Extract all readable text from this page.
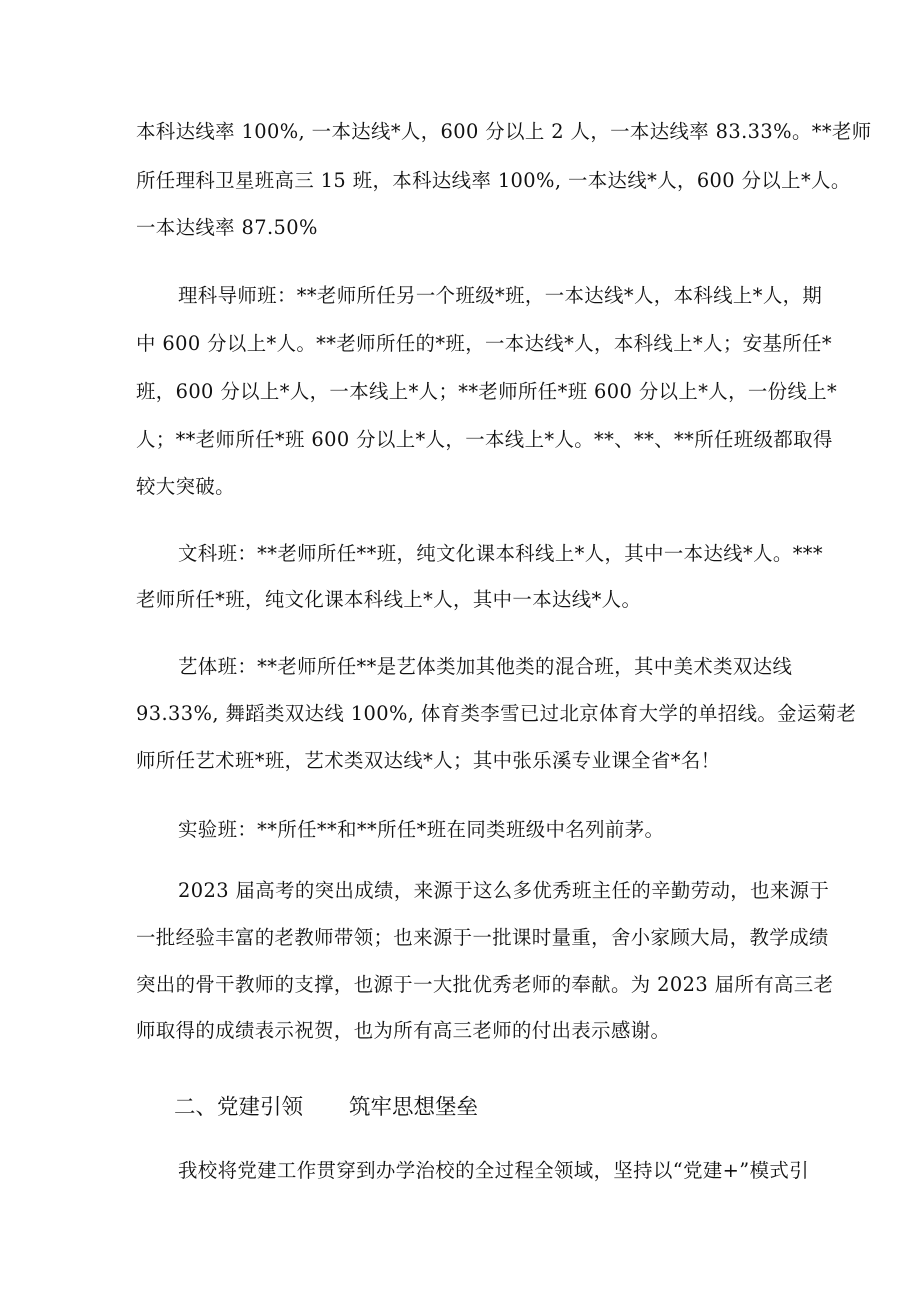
本科达线率 100%, 一本达线*人，600 分以上 2 人，一本达线率 83.33%。**老师
所任理科卫星班高三 15 班，本科达线率 100%, 一本达线*人，600 分以上*人。
一本达线率 87.50%
理科导师班：**老师所任另一个班级*班，一本达线*人，本科线上*人，期
中 600 分以上*人。**老师所任的*班，一本达线*人，本科线上*人；安基所任*
班，600 分以上*人，一本线上*人；**老师所任*班 600 分以上*人，一份线上*
人；**老师所任*班 600 分以上*人，一本线上*人。**、**、**所任班级都取得
较大突破。
文科班：**老师所任**班，纯文化课本科线上*人，其中一本达线*人。***
老师所任*班，纯文化课本科线上*人，其中一本达线*人。
艺体班：**老师所任**是艺体类加其他类的混合班，其中美术类双达线
93.33%, 舞蹈类双达线 100%, 体育类李雪已过北京体育大学的单招线。金运菊老
师所任艺术班*班，艺术类双达线*人；其中张乐溪专业课全省*名！
实验班：**所任**和**所任*班在同类班级中名列前茅。
2023 届高考的突出成绩，来源于这么多优秀班主任的辛勤劳动，也来源于
一批经验丰富的老教师带领；也来源于一批课时量重，舍小家顾大局，教学成绩
突出的骨干教师的支撑，也源于一大批优秀老师的奉献。为 2023 届所有高三老
师取得的成绩表示祝贺，也为所有高三老师的付出表示感谢。
二、党建引领 筑牢思想堡垒
我校将党建工作贯穿到办学治校的全过程全领域，坚持以“党建+”模式引
